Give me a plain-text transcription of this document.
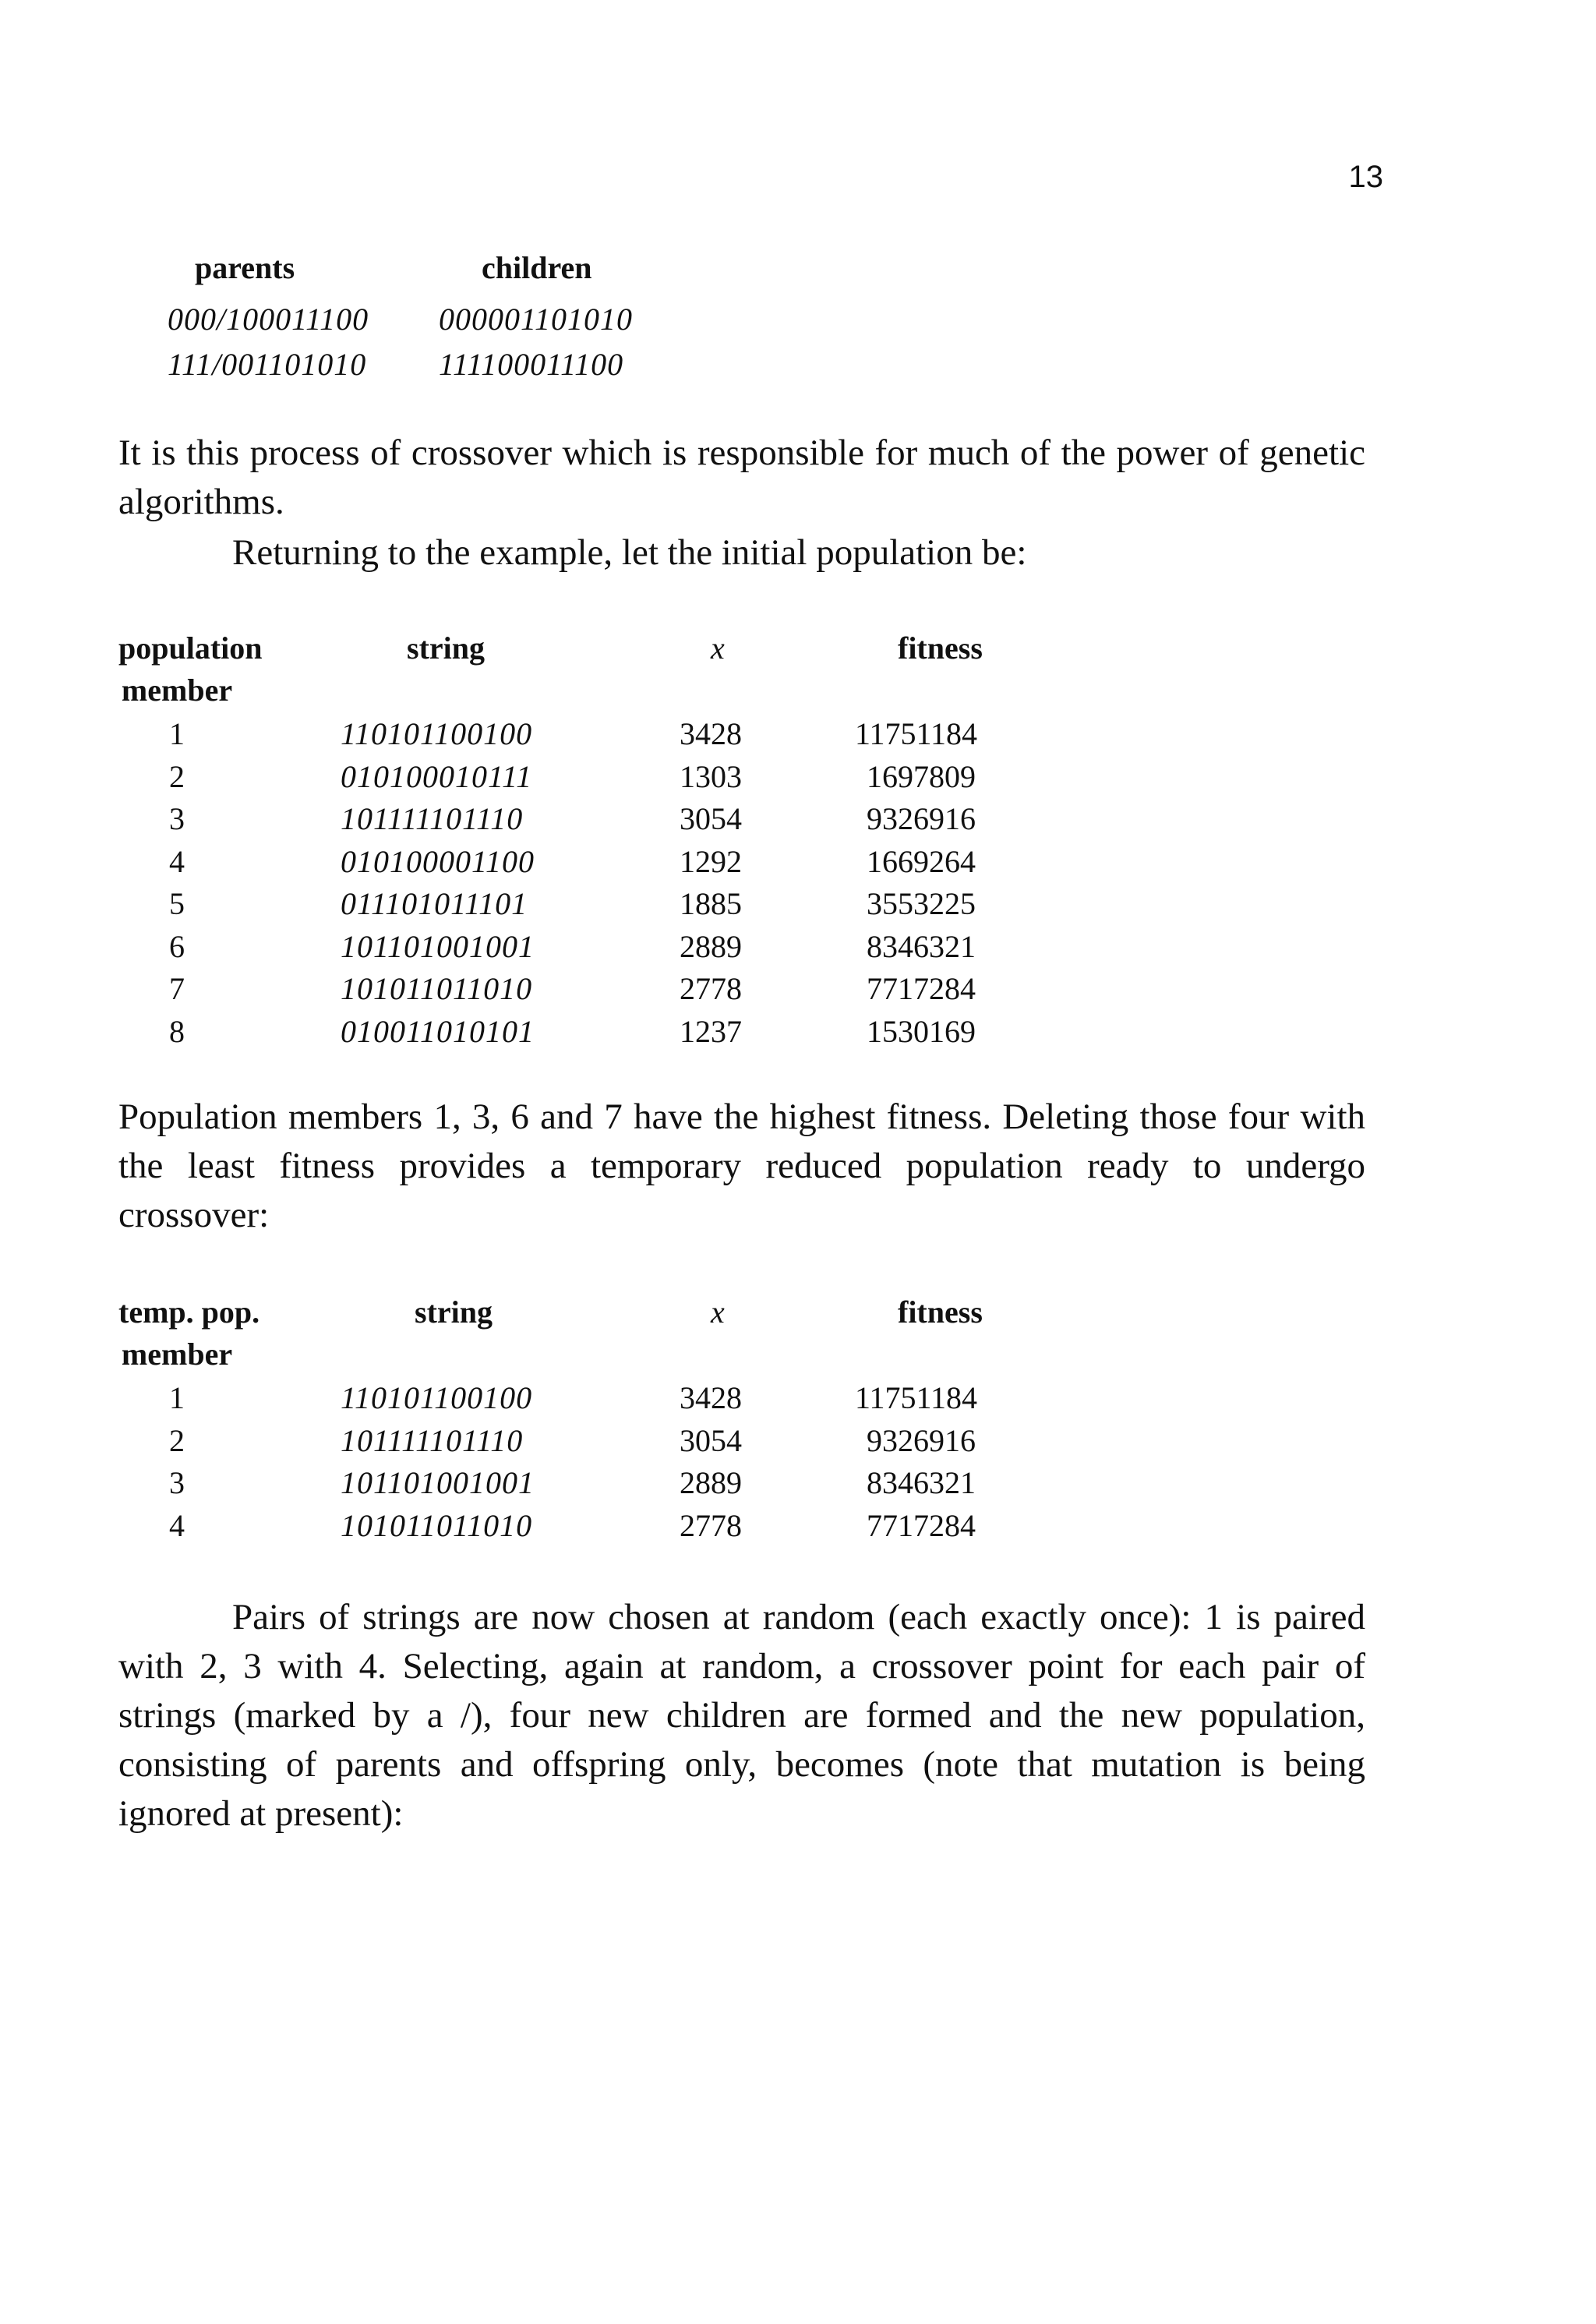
13
parents	children
000/100011100 000001101010
111/001101010 111100011100
It is this process of crossover which is responsible for much of the power of genetic algorithms.
Returning to the example, let the initial population be:
population
member
string	x	fitness
1	110101100100	3428	11751184
2	010100010111	1303	1697809
3	101111101110	3054	9326916
4	010100001100	1292	1669264
5	011101011101	1885	3553225
6	101101001001	2889	8346321
7	101011011010	2778	7717284
8	010011010101	1237	1530169
Population members 1, 3, 6 and 7 have the highest fitness. Deleting those four with the least fitness provides a temporary reduced population ready to undergo crossover:
temp. pop.
member
string	x	fitness
1	110101100100	3428	11751184
2	101111101110	3054	9326916
3	101101001001	2889	8346321
4	101011011010	2778	7717284
Pairs of strings are now chosen at random (each exactly once): 1 is paired with 2, 3 with 4. Selecting, again at random, a crossover point for each pair of strings (marked by a /), four new children are formed and the new population, consisting of parents and offspring only, becomes (note that mutation is being ignored at present):
